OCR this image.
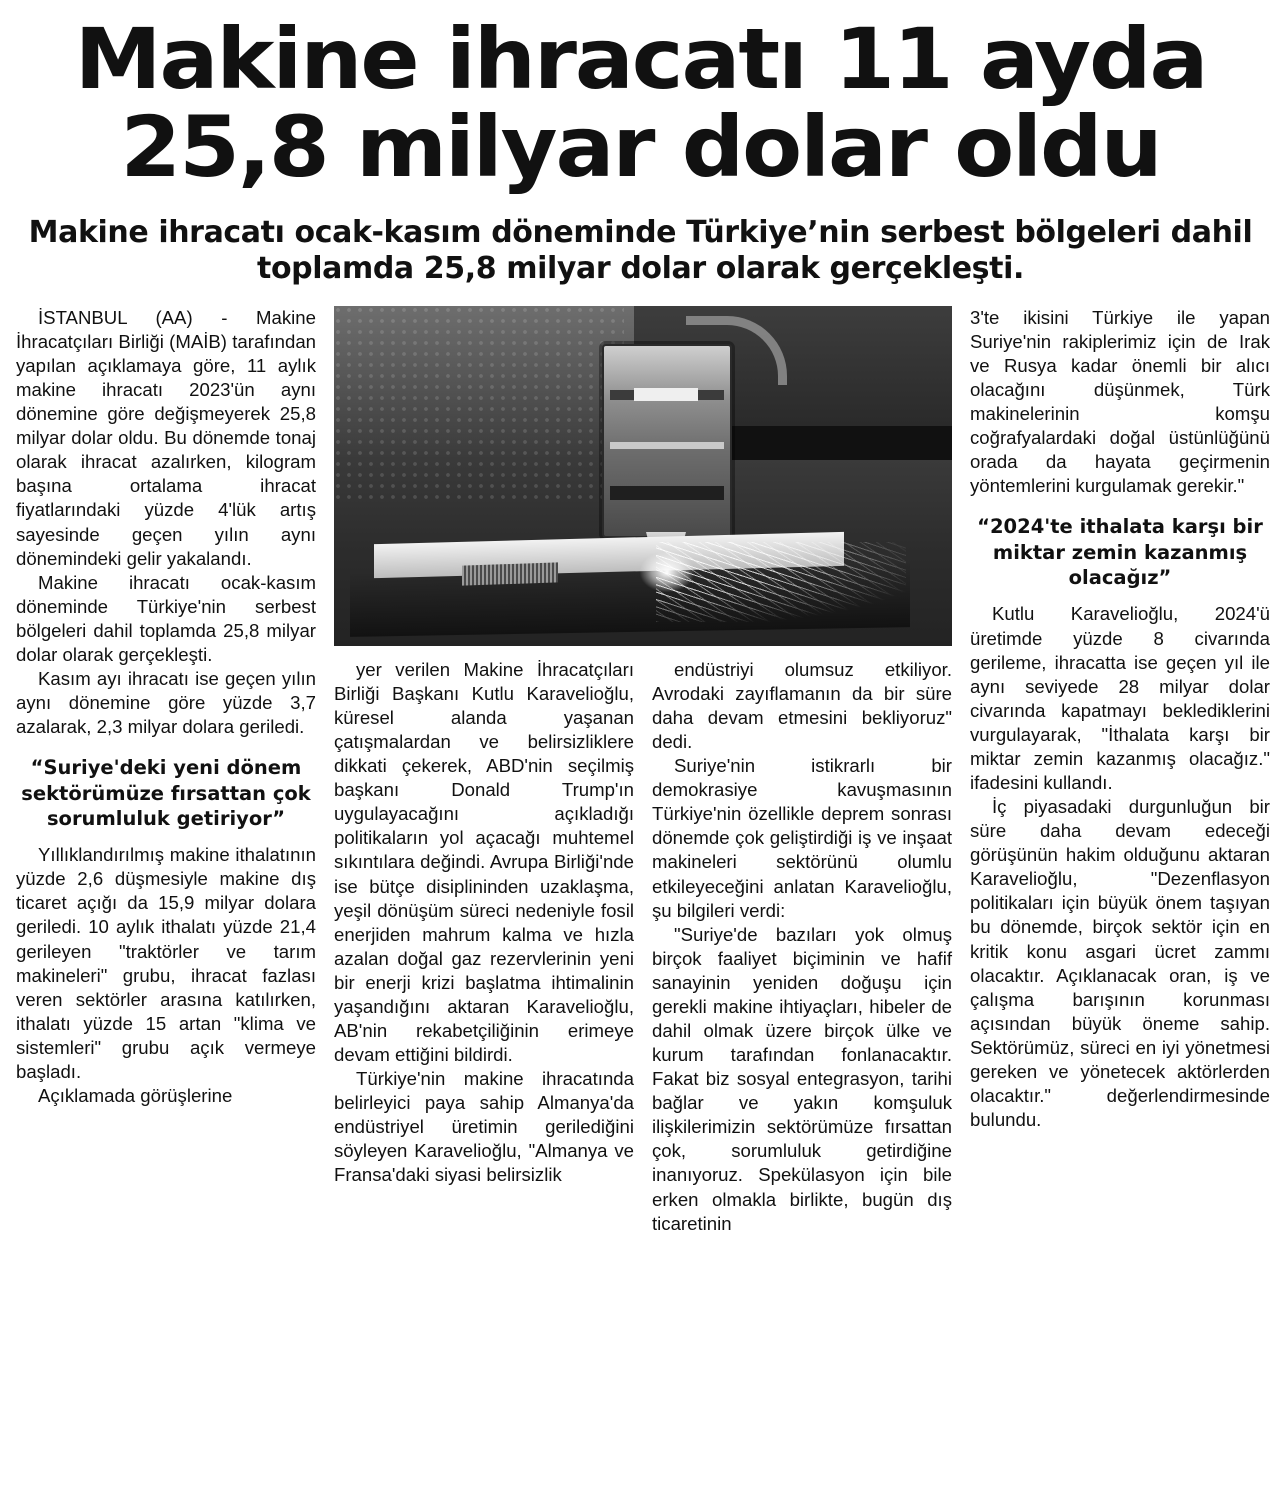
Makine ihracatı 11 ayda
25,8 milyar dolar oldu
Makine ihracatı ocak-kasım döneminde Türkiye’nin serbest bölgeleri dahil toplamda 25,8 milyar dolar olarak gerçekleşti.

İSTANBUL (AA) - Makine İhracatçıları Birliği (MAİB) tarafından yapılan açıklamaya göre, 11 aylık makine ihracatı 2023'ün aynı dönemine göre değişmeyerek 25,8 milyar dolar oldu. Bu dönemde tonaj olarak ihracat azalırken, kilogram başına ortalama ihracat fiyatlarındaki yüzde 4'lük artış sayesinde geçen yılın aynı dönemindeki gelir yakalandı.

Makine ihracatı ocak-kasım döneminde Türkiye'nin serbest bölgeleri dahil toplamda 25,8 milyar dolar olarak gerçekleşti.

Kasım ayı ihracatı ise geçen yılın aynı dönemine göre yüzde 3,7 azalarak, 2,3 milyar dolara geriledi.

“Suriye'deki yeni dönem sektörümüze fırsattan çok sorumluluk getiriyor”

Yıllıklandırılmış makine ithalatının yüzde 2,6 düşmesiyle makine dış ticaret açığı da 15,9 milyar dolara geriledi. 10 aylık ithalatı yüzde 21,4 gerileyen "traktörler ve tarım makineleri" grubu, ihracat fazlası veren sektörler arasına katılırken, ithalatı yüzde 15 artan "klima ve sistemleri" grubu açık vermeye başladı.

Açıklamada görüşlerine

yer verilen Makine İhracatçıları Birliği Başkanı Kutlu Karavelioğlu, küresel alanda yaşanan çatışmalardan ve belirsizliklere dikkati çekerek, ABD'nin seçilmiş başkanı Donald Trump'ın uygulayacağını açıkladığı politikaların yol açacağı muhtemel sıkıntılara değindi. Avrupa Birliği'nde ise bütçe disiplininden uzaklaşma, yeşil dönüşüm süreci nedeniyle fosil enerjiden mahrum kalma ve hızla azalan doğal gaz rezervlerinin yeni bir enerji krizi başlatma ihtimalinin yaşandığını aktaran Karavelioğlu, AB'nin rekabetçiliğinin erimeye devam ettiğini bildirdi.

Türkiye'nin makine ihracatında belirleyici paya sahip Almanya'da endüstriyel üretimin gerilediğini söyleyen Karavelioğlu, "Almanya ve Fransa'daki siyasi belirsizlik

endüstriyi olumsuz etkiliyor. Avrodaki zayıflamanın da bir süre daha devam etmesini bekliyoruz" dedi.

Suriye'nin istikrarlı bir demokrasiye kavuşmasının Türkiye'nin özellikle deprem sonrası dönemde çok geliştirdiği iş ve inşaat makineleri sektörünü olumlu etkileyeceğini anlatan Karavelioğlu, şu bilgileri verdi:

"Suriye'de bazıları yok olmuş birçok faaliyet biçiminin ve hafif sanayinin yeniden doğuşu için gerekli makine ihtiyaçları, hibeler de dahil olmak üzere birçok ülke ve kurum tarafından fonlanacaktır. Fakat biz sosyal entegrasyon, tarihi bağlar ve yakın komşuluk ilişkilerimizin sektörümüze fırsattan çok, sorumluluk getirdiğine inanıyoruz. Spekülasyon için bile erken olmakla birlikte, bugün dış ticaretinin

3'te ikisini Türkiye ile yapan Suriye'nin rakiplerimiz için de Irak ve Rusya kadar önemli bir alıcı olacağını düşünmek, Türk makinelerinin komşu coğrafyalardaki doğal üstünlüğünü orada da hayata geçirmenin yöntemlerini kurgulamak gerekir."

“2024'te ithalata karşı bir miktar zemin kazanmış olacağız”

Kutlu Karavelioğlu, 2024'ü üretimde yüzde 8 civarında gerileme, ihracatta ise geçen yıl ile aynı seviyede 28 milyar dolar civarında kapatmayı beklediklerini vurgulayarak, "İthalata karşı bir miktar zemin kazanmış olacağız." ifadesini kullandı.

İç piyasadaki durgunluğun bir süre daha devam edeceği görüşünün hakim olduğunu aktaran Karavelioğlu, "Dezenflasyon politikaları için büyük önem taşıyan bu dönemde, birçok sektör için en kritik konu asgari ücret zammı olacaktır. Açıklanacak oran, iş ve çalışma barışının korunması açısından büyük öneme sahip. Sektörümüz, süreci en iyi yönetmesi gereken ve yönetecek aktörlerden olacaktır." değerlendirmesinde bulundu.
